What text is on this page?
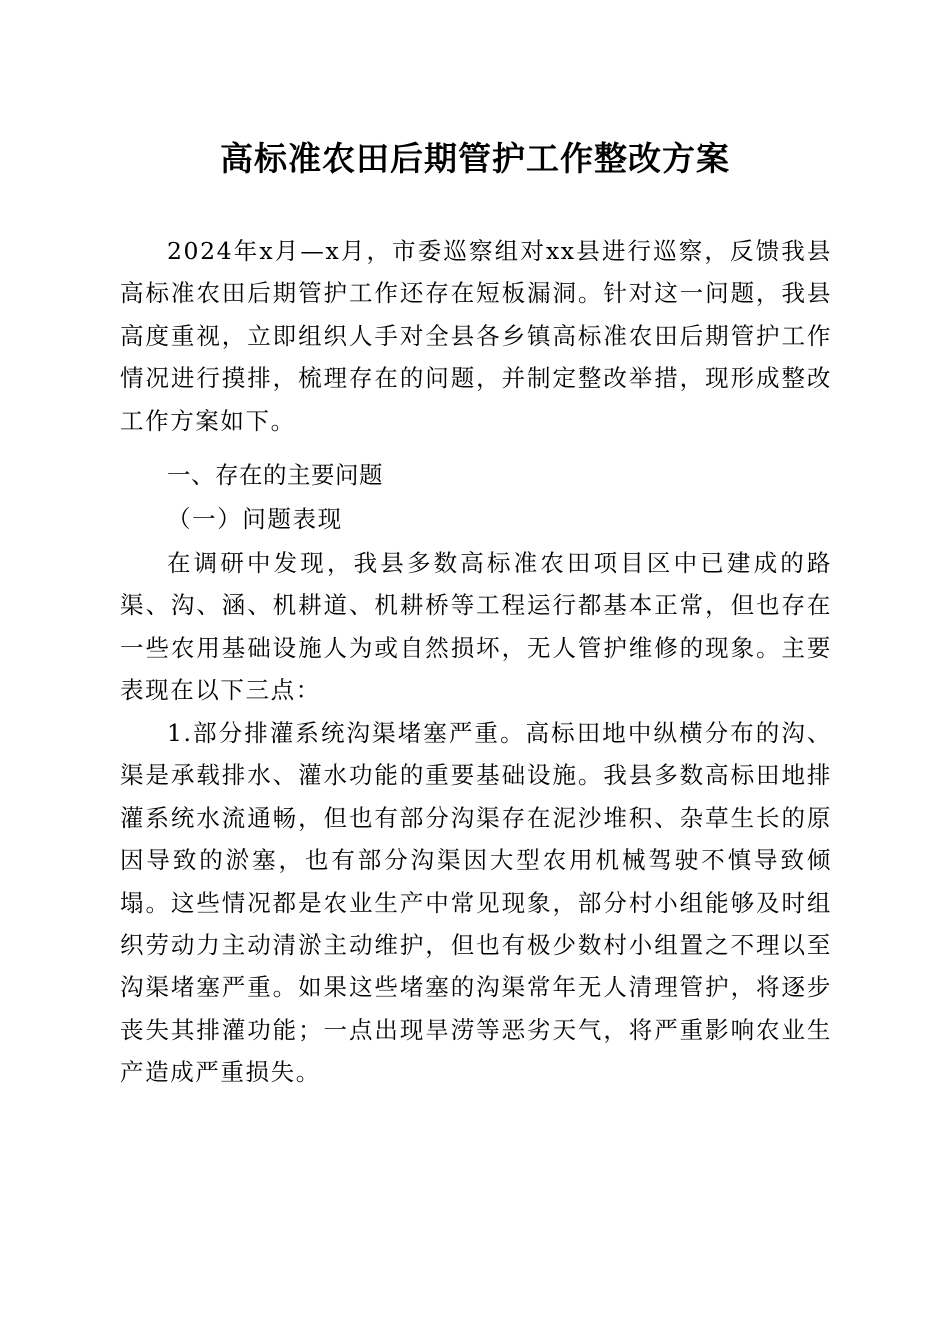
高标准农田后期管护工作整改方案

2024年x月—x月，市委巡察组对xx县进行巡察，反馈我县高标准农田后期管护工作还存在短板漏洞。针对这一问题，我县高度重视，立即组织人手对全县各乡镇高标准农田后期管护工作情况进行摸排，梳理存在的问题，并制定整改举措，现形成整改工作方案如下。

一、存在的主要问题

（一）问题表现

在调研中发现，我县多数高标准农田项目区中已建成的路渠、沟、涵、机耕道、机耕桥等工程运行都基本正常，但也存在一些农用基础设施人为或自然损坏，无人管护维修的现象。主要表现在以下三点：

1.部分排灌系统沟渠堵塞严重。高标田地中纵横分布的沟、渠是承载排水、灌水功能的重要基础设施。我县多数高标田地排灌系统水流通畅，但也有部分沟渠存在泥沙堆积、杂草生长的原因导致的淤塞，也有部分沟渠因大型农用机械驾驶不慎导致倾塌。这些情况都是农业生产中常见现象，部分村小组能够及时组织劳动力主动清淤主动维护，但也有极少数村小组置之不理以至沟渠堵塞严重。如果这些堵塞的沟渠常年无人清理管护，将逐步丧失其排灌功能；一点出现旱涝等恶劣天气，将严重影响农业生产造成严重损失。
